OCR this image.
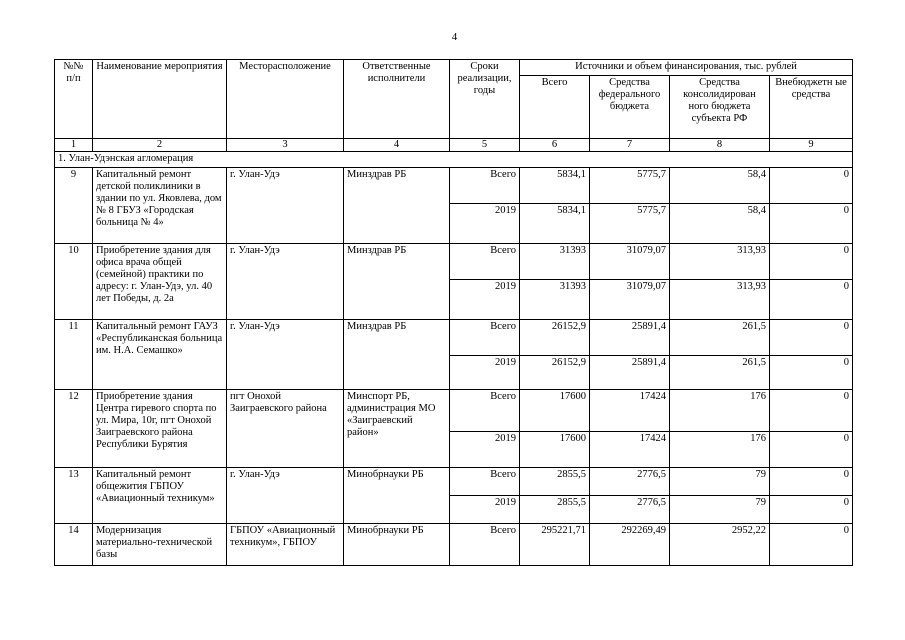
4
№№ п/п	Наименование мероприятия	Месторасположение	Ответственные исполнители	Сроки реализации, годы	Источники и объем финансирования, тыс. рублей			
					Всего	Средства федерального бюджета	Средства консолидирован ного бюджета субъекта РФ	Внебюджетн ые средства
1	2	3	4	5	6	7	8	9
1. Улан-Удэнская агломерация								
9	Капитальный ремонт детской поликлиники в здании по ул. Яковлева, дом № 8 ГБУЗ «Городская больница № 4»	г. Улан-Удэ	Минздрав РБ	Всего	5834,1	5775,7	58,4	0
				2019	5834,1	5775,7	58,4	0
10	Приобретение здания для офиса врача общей (семейной) практики по адресу: г. Улан-Удэ, ул. 40 лет Победы, д. 2а	г. Улан-Удэ	Минздрав РБ	Всего	31393	31079,07	313,93	0
				2019	31393	31079,07	313,93	0
11	Капитальный ремонт ГАУЗ «Республиканская больница им. Н.А. Семашко»	г. Улан-Удэ	Минздрав РБ	Всего	26152,9	25891,4	261,5	0
				2019	26152,9	25891,4	261,5	0
12	Приобретение здания Центра гиревого спорта по ул. Мира, 10г, пгт Онохой Заиграевского района Республики Бурятия	пгт Онохой Заиграевского района	Минспорт РБ, администрация МО «Заиграевский район»	Всего	17600	17424	176	0
				2019	17600	17424	176	0
13	Капитальный ремонт общежития ГБПОУ «Авиационный техникум»	г. Улан-Удэ	Минобрнауки РБ	Всего	2855,5	2776,5	79	0
				2019	2855,5	2776,5	79	0
14	Модернизация материально-технической базы	ГБПОУ «Авиационный техникум», ГБПОУ	Минобрнауки РБ	Всего	295221,71	292269,49	2952,22	0
